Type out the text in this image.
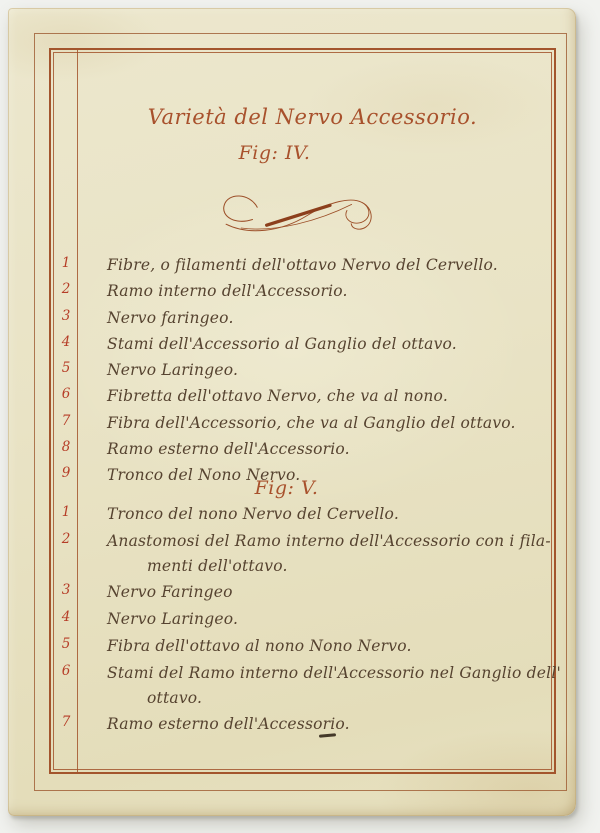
Varietà del Nervo Accessorio.
Fig: IV.
1	Fibre, o filamenti dell'ottavo Nervo del Cervello.
2	Ramo interno dell'Accessorio.
3	Nervo faringeo.
4	Stami dell'Accessorio al Ganglio del ottavo.
5	Nervo Laringeo.
6	Fibretta dell'ottavo Nervo, che va al nono.
7	Fibra dell'Accessorio, che va al Ganglio del ottavo.
8	Ramo esterno dell'Accessorio.
9	Tronco del Nono Nervo.
Fig: V.
1	Tronco del nono Nervo del Cervello.
2	Anastomosi del Ramo interno dell'Accessorio con i fila-
menti dell'ottavo.
3	Nervo Faringeo
4	Nervo Laringeo.
5	Fibra dell'ottavo al nono Nono Nervo.
6	Stami del Ramo interno dell'Accessorio nel Ganglio dell'
ottavo.
7	Ramo esterno dell'Accessorio.
